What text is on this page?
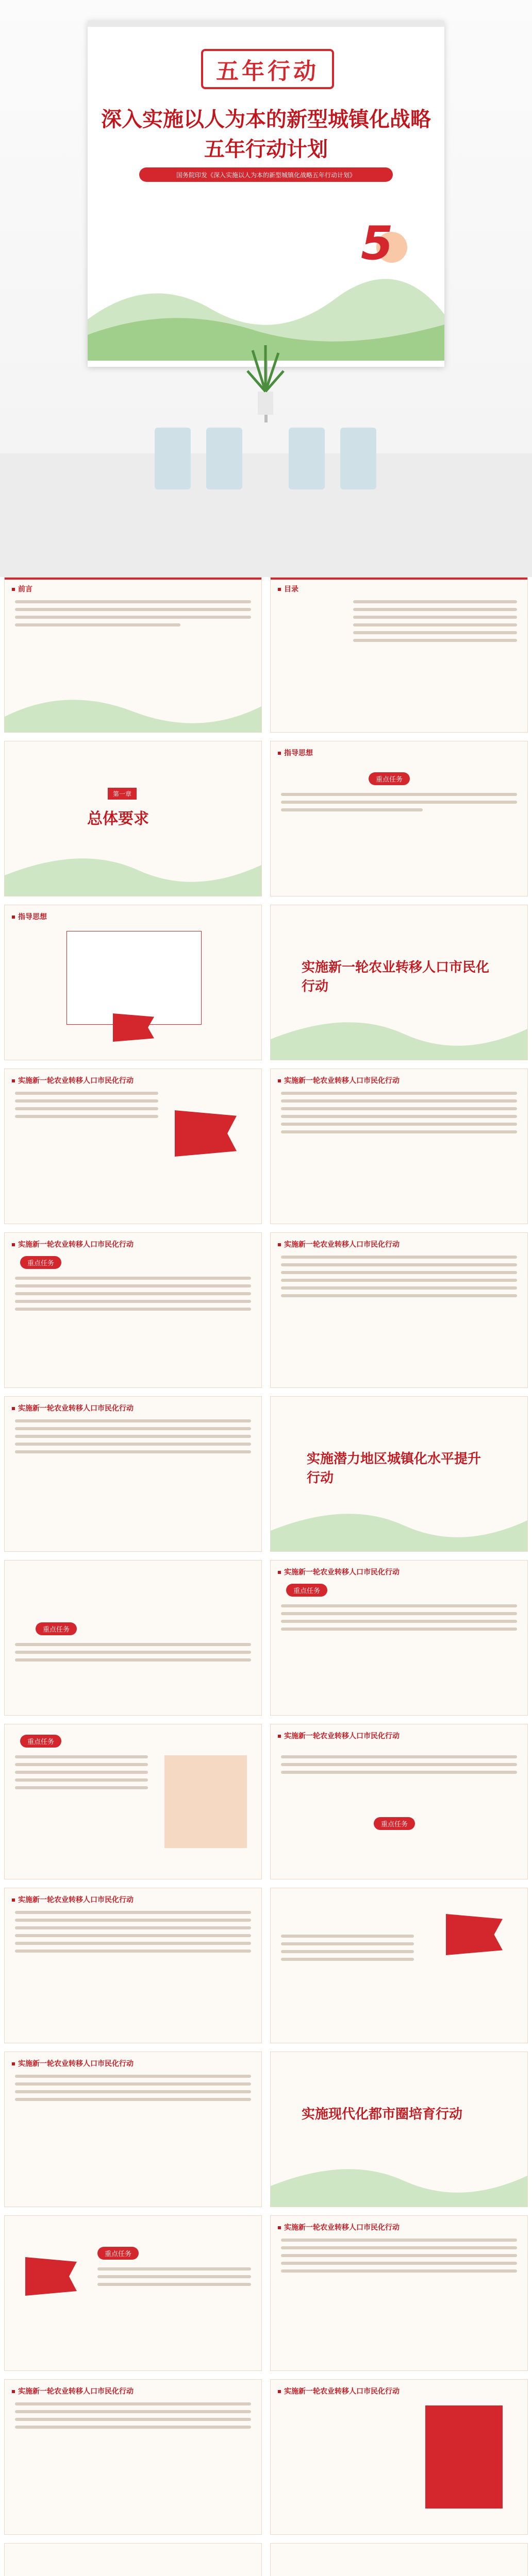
五年行动
深入实施以人为本的新型城镇化战略
五年行动计划
国务院印发《深入实施以人为本的新型城镇化战略五年行动计划》
5
前言	目录
第一章
总体要求
指导思想
重点任务
指导思想
实施新一轮农业转移人口市民化行动
实施新一轮农业转移人口市民化行动	实施新一轮农业转移人口市民化行动
实施新一轮农业转移人口市民化行动
重点任务
实施新一轮农业转移人口市民化行动
实施新一轮农业转移人口市民化行动
实施潜力地区城镇化水平提升行动
重点任务
实施新一轮农业转移人口市民化行动
重点任务
重点任务
实施新一轮农业转移人口市民化行动
重点任务
实施新一轮农业转移人口市民化行动
实施新一轮农业转移人口市民化行动
实施现代化都市圈培育行动
重点任务
实施新一轮农业转移人口市民化行动
实施新一轮农业转移人口市民化行动	实施新一轮农业转移人口市民化行动
